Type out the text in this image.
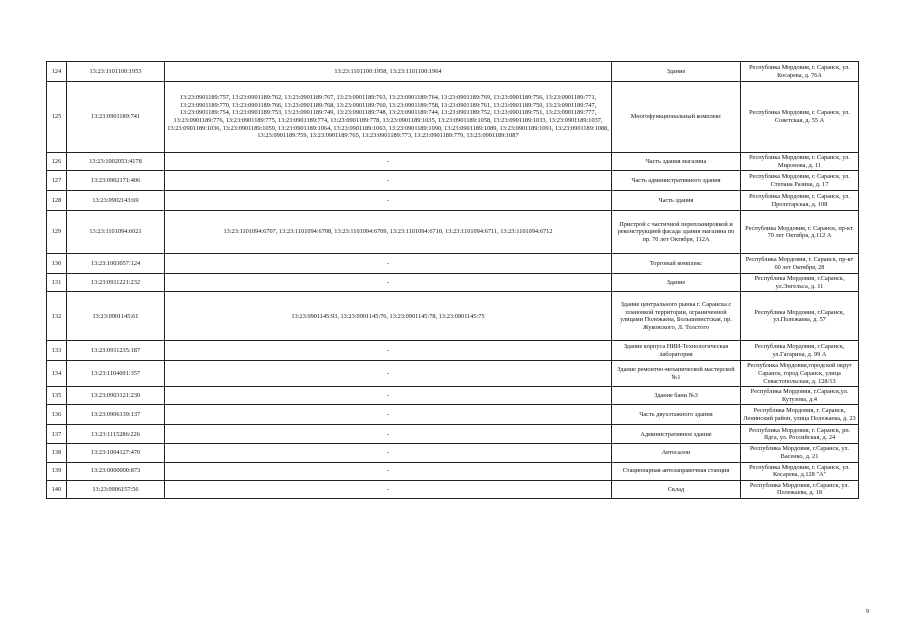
124	13:23:1101100:1953	13:23:1101100:1958, 13:23:1101100:1964	Здание	Республика Мордовия, г. Саранск, ул. Косарева, д. 76А
125	13:23:0901189:741	13:23:0901189:757, 13:23:0901189:762, 13:23:0901189:767, 13:23:0901189:763, 13:23:0901189:764, 13:23:0901189:769, 13:23:0901189:756, 13:23:0901189:771, 13:23:0901189:770, 13:23:0901189:766, 13:23:0901189:768, 13:23:0901189:760, 13:23:0901189:758, 13:23:0901189:761, 13:23:0901189:750, 13:23:0901189:747, 13:23:0901189:754, 13:23:0901189:753, 13:23:0901189:749, 13:23:0901189:748, 13:23:0901189:744, 13:23:0901189:752, 13:23:0901189:751, 13:23:0901189:777, 13:23:0901189:776, 13:23:0901189:775, 13:23:0901189:774, 13:23:0901189:778, 13:23:0901189:1035, 13:23:0901189:1058, 13:23:0901189:1033, 13:23:0901189:1037, 13:23:0901189:1036, 13:23:0901189:1059, 13:23:0901189:1064, 13:23:0901189:1063, 13:23:0901189:1090, 13:23:0901189:1089, 13:23:0901189:1091, 13:23:0901189:1088, 13:23:0901189:759, 13:23:0901189:765, 13:23:0901189:773, 13:23:0901189:779, 13:23:0901189:1087	Многофункциональный комплекс	Республика Мордовия, г. Саранск, ул. Советская, д. 55 А
126	13:23:1002053:4178	-	Часть здания магазина	Республика Мордовия, г. Саранск, ул. Миронова, д. 11
127	13:23:0902171:406	-	Часть административного здания	Республика Мордовия, г. Саранск, ул. Степана Разина, д. 17
128	13:23:0902143:69	-	Часть здания	Республика Мордовия, г. Саранск, ул. Пролетарская, д. 108
129	13:23:1101094:6021	13:23:1101094:6707, 13:23:1101094:6708, 13:23:1101094:6709, 13:23:1101094:6710, 13:23:1101094:6711, 13:23:1101094:6712	Пристрой с частичной перепланировкой и реконструкцией фасада здания магазина по пр. 70 лет Октября, 112А	Республика Мордовия, г. Саранск, пр-кт. 70 лет Октября, д.112 А
130	13:23:1003057:124	-	Торговый комплекс	Республика Мордовия, г. Саранск, пр-кт 60 лет Октября, 28
131	13:23:0911221:232	-	Здание	Республика Мордовия, г.Саранск, ул.Энгельса, д. 11
132	13:23:0901145:61	13:23:0901145:93, 13:23:0901145:76, 13:23:0901145:78, 13:23:0901145:75	Здание центрального рынка г. Саранска с плановкой территории, ограниченной улицами Полежаева, Большевистская, пр. Жуковского, Л. Толстого	Республика Мордовия, г.Саранск, ул.Полежаева, д. 57
133	13:23:0911235:187	-	Здание корпуса НИИ-Технологическая лаборатория	Республика Мордовия, г.Саранск, ул.Гагарина, д. 99 А
134	13:23:1104091:357	-	Здание ремонтно-механической мастерской №1	Республика Мордовия,городской округ Саранск, город Саранск, улица Севастопольская, д. 128/13
135	13:23:0903121:230	-	Здание бани №3	Республика Мордовия, г.Саранск,ул. Кутузова, д.4
136	13:23:0906139:137	-	Часть двухэтажного здания	Республика Мордовия, г. Саранск, Ленинский район, улица Полежаева, д. 23
137	13:23:1115286:226	-	Административное здание	Республика Мордовия, г. Саранск, рп. Ядга, ул. Российская, д. 24
138	13:23:1004127:470	-	Автосалон	Республика Мордовия, г.Саранск, ул. Васенко, д. 21
139	13:23:0000000:873	-	Стационарная автозаправочная станция	Республика Мордовия, г. Саранск, ул. Косарева, д.128 "А"
140	13:23:0906157:56	-	Склад	Республика Мордовия, г.Саранск, ул. Полежаева, д. 18
9
